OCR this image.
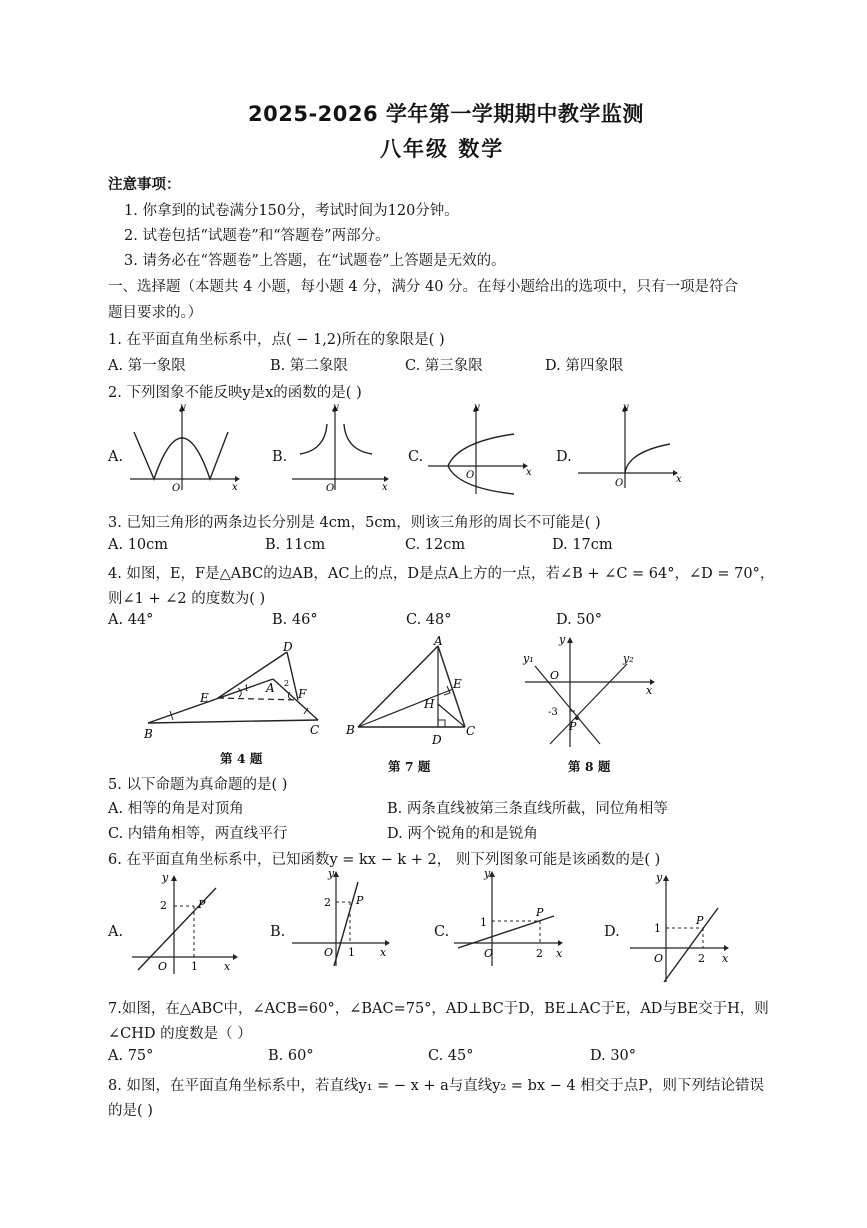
2025-2026 学年第一学期期中教学监测
八年级 数学
注意事项：
1. 你拿到的试卷满分150分，考试时间为120分钟。
2. 试卷包括“试题卷”和“答题卷”两部分。
3. 请务必在“答题卷”上答题，在“试题卷”上答题是无效的。
一、选择题（本题共 4 小题，每小题 4 分，满分 40 分。在每小题给出的选项中，只有一项是符合
题目要求的。）
1. 在平面直角坐标系中，点( − 1,2)所在的象限是( )
A. 第一象限	B. 第二象限	C. 第三象限	D. 第四象限
2. 下列图象不能反映y是x的函数的是( )
A.	B.	C.	D.
y
x
O
y
x
O
y
x
O
y
x
O
3. 已知三角形的两条边长分别是 4cm，5cm，则该三角形的周长不可能是( )
A. 10cm	B. 11cm	C. 12cm	D. 17cm
4. 如图，E，F是△ABC的边AB，AC上的点，D是点A上方的一点，若∠B + ∠C = 64°，∠D = 70°，
则∠1 + ∠2 的度数为( )
A. 44°	B. 46°	C. 48°	D. 50°
D
E
A F
B	C
1
2
第 4 题
A
E
H
B
D
C
第 7 题
y
y₁	y₂
O
x
-3
P
第 8 题
5. 以下命题为真命题的是( )
A. 相等的角是对顶角	B. 两条直线被第三条直线所截，同位角相等
C. 内错角相等，两直线平行	D. 两个锐角的和是锐角
6. 在平面直角坐标系中，已知函数y = kx − k + 2， 则下列图象可能是该函数的是( )
A.	B.	C.	D.
2	P
1
y
x
O
2 P
1
y
x
O
1
P
2
y
x
O
1
P
2
y
x
O
7.如图，在△ABC中，∠ACB=60°，∠BAC=75°，AD⊥BC于D，BE⊥AC于E，AD与BE交于H，则
∠CHD 的度数是（ ）
A. 75°	B. 60°	C. 45°	D. 30°
8. 如图，在平面直角坐标系中，若直线y₁ = − x + a与直线y₂ = bx − 4 相交于点P，则下列结论错误
的是( )
